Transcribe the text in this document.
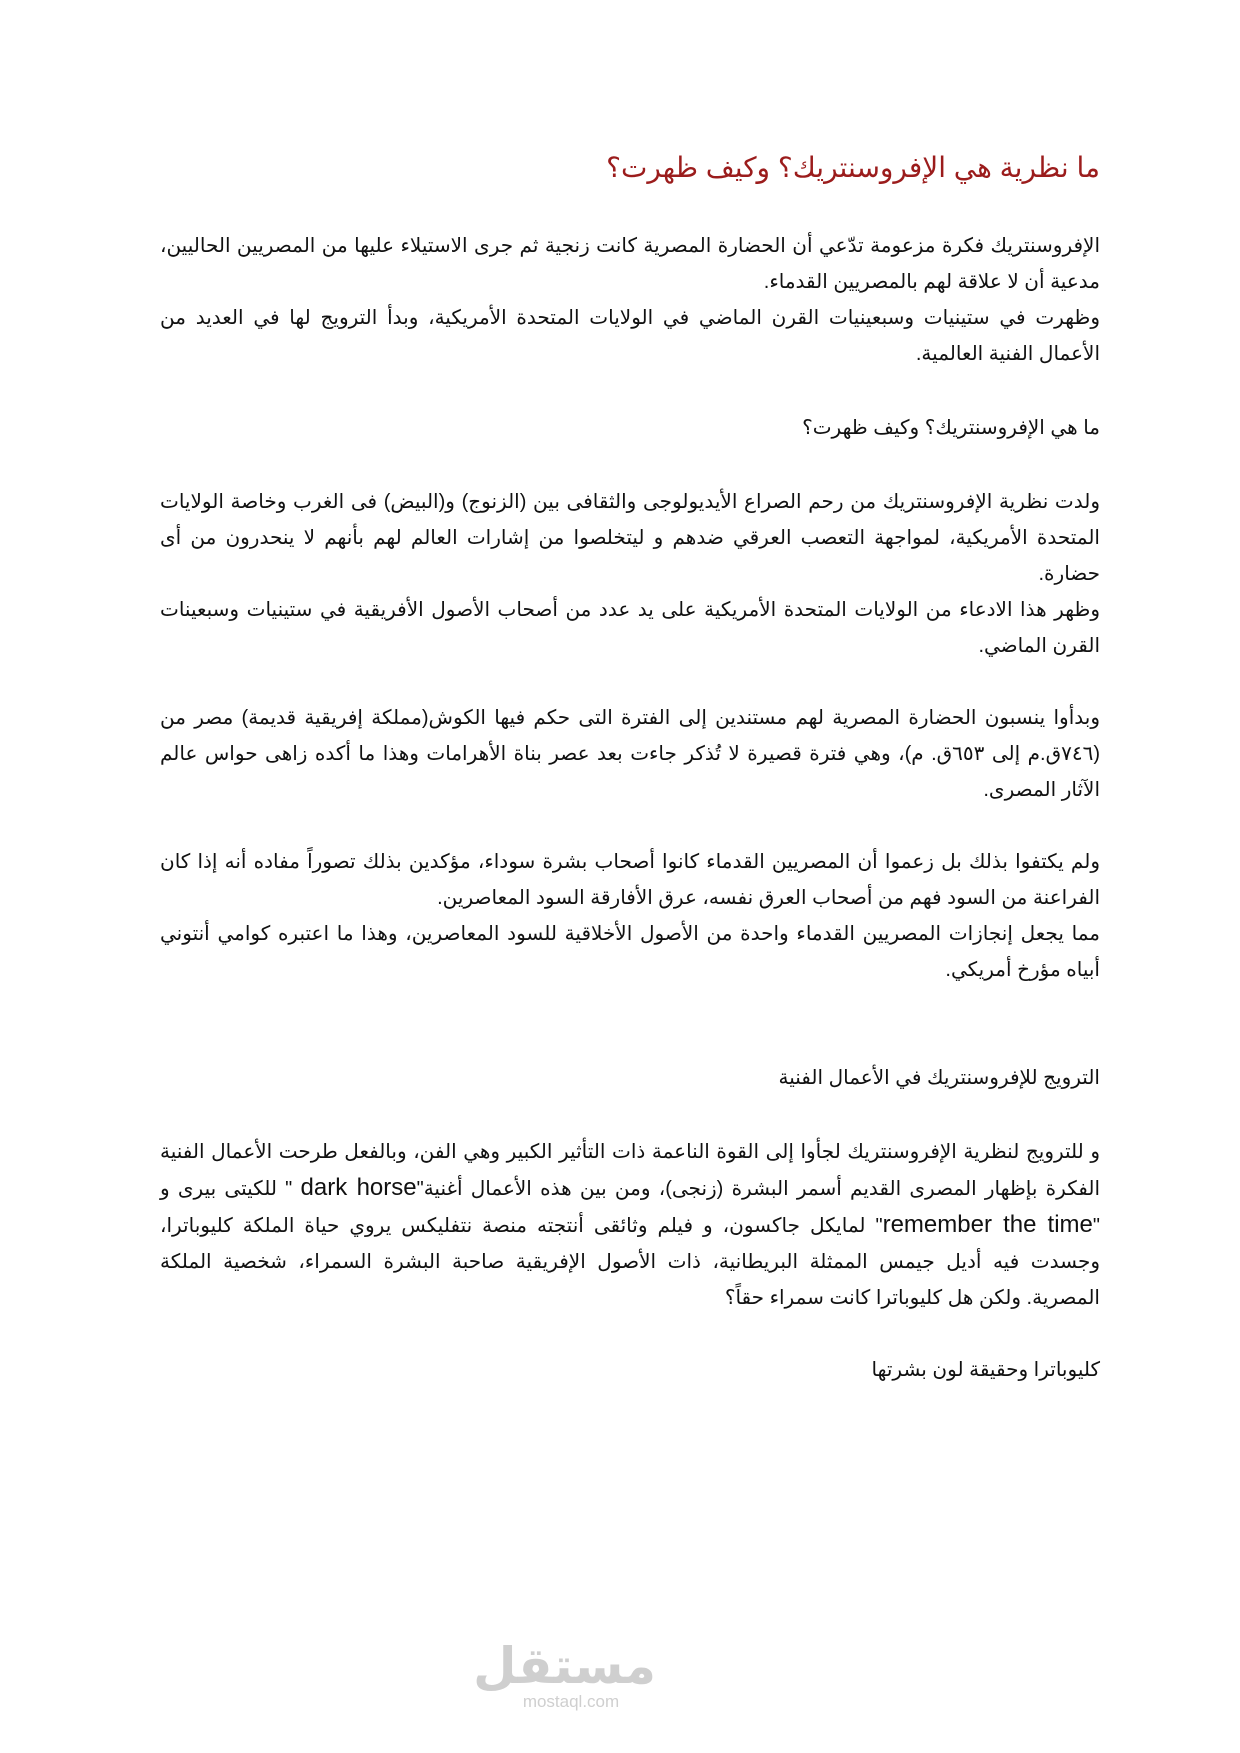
ما نظرية هي الإفروسنتريك؟ وكيف ظهرت؟

الإفروسنتريك فكرة مزعومة تدّعي أن الحضارة المصرية كانت زنجية ثم جرى الاستيلاء عليها من المصريين الحاليين، مدعية أن لا علاقة لهم بالمصريين القدماء.

وظهرت في ستينيات وسبعينيات القرن الماضي في الولايات المتحدة الأمريكية، وبدأ الترويج لها في العديد من الأعمال الفنية العالمية.

ما هي الإفروسنتريك؟ وكيف ظهرت؟

ولدت نظرية الإفروسنتريك من رحم الصراع الأيديولوجى والثقافى بين (الزنوج) و(البيض) فى الغرب وخاصة الولايات المتحدة الأمريكية، لمواجهة التعصب العرقي ضدهم و ليتخلصوا من إشارات العالم لهم بأنهم لا ينحدرون من أى حضارة.

وظهر هذا الادعاء من الولايات المتحدة الأمريكية على يد عدد من أصحاب الأصول الأفريقية في ستينيات وسبعينات القرن الماضي.

وبدأوا ينسبون الحضارة المصرية لهم مستندين إلى الفترة التى حكم فيها الكوش(مملكة إفريقية قديمة) مصر من (٧٤٦ق.م إلى ٦٥٣ق. م)، وهي فترة قصيرة لا تُذكر جاءت بعد عصر بناة الأهرامات وهذا ما أكده زاهى حواس عالم الآثار المصرى.

ولم يكتفوا بذلك بل زعموا أن المصريين القدماء كانوا أصحاب بشرة سوداء، مؤكدين بذلك تصوراً مفاده أنه إذا كان الفراعنة من السود فهم من أصحاب العرق نفسه، عرق الأفارقة السود المعاصرين.

مما يجعل إنجازات المصريين القدماء واحدة من الأصول الأخلاقية للسود المعاصرين، وهذا ما اعتبره كوامي أنتوني أبياه مؤرخ أمريكي.

الترويج للإفروسنتريك في الأعمال الفنية

و للترويج لنظرية الإفروسنتريك لجأوا إلى القوة الناعمة ذات التأثير الكبير وهي الفن، وبالفعل طرحت الأعمال الفنية الفكرة بإظهار المصرى القديم أسمر البشرة (زنجى)، ومن بين هذه الأعمال أغنية"dark horse " للكيتى بيرى و "remember the time" لمايكل جاكسون، و فيلم وثائقى أنتجته منصة نتفليكس يروي حياة الملكة كليوباترا، وجسدت فيه أديل جيمس الممثلة البريطانية، ذات الأصول الإفريقية صاحبة البشرة السمراء، شخصية الملكة المصرية. ولكن هل كليوباترا كانت سمراء حقاً؟

كليوباترا وحقيقة لون بشرتها

مستقل
mostaql.com
